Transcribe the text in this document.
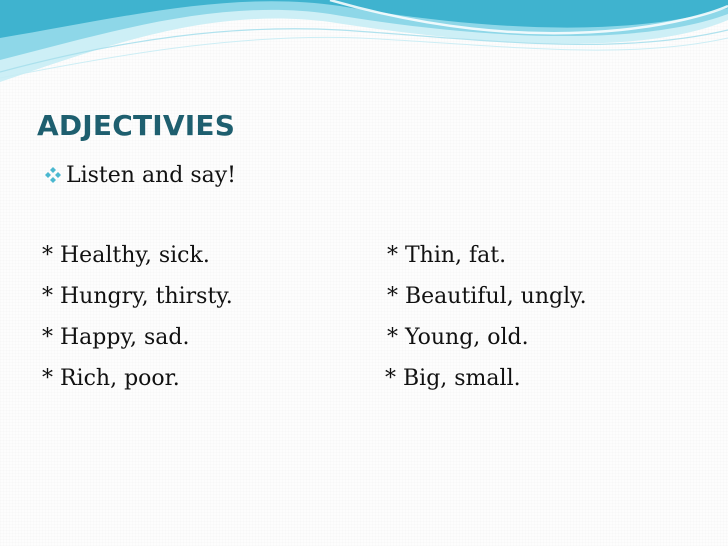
ADJECTIVIES
Listen and say!
* Healthy, sick.
* Hungry, thirsty.
* Happy, sad.
* Rich, poor.
* Thin, fat.
* Beautiful, ungly.
* Young, old.
* Big, small.
